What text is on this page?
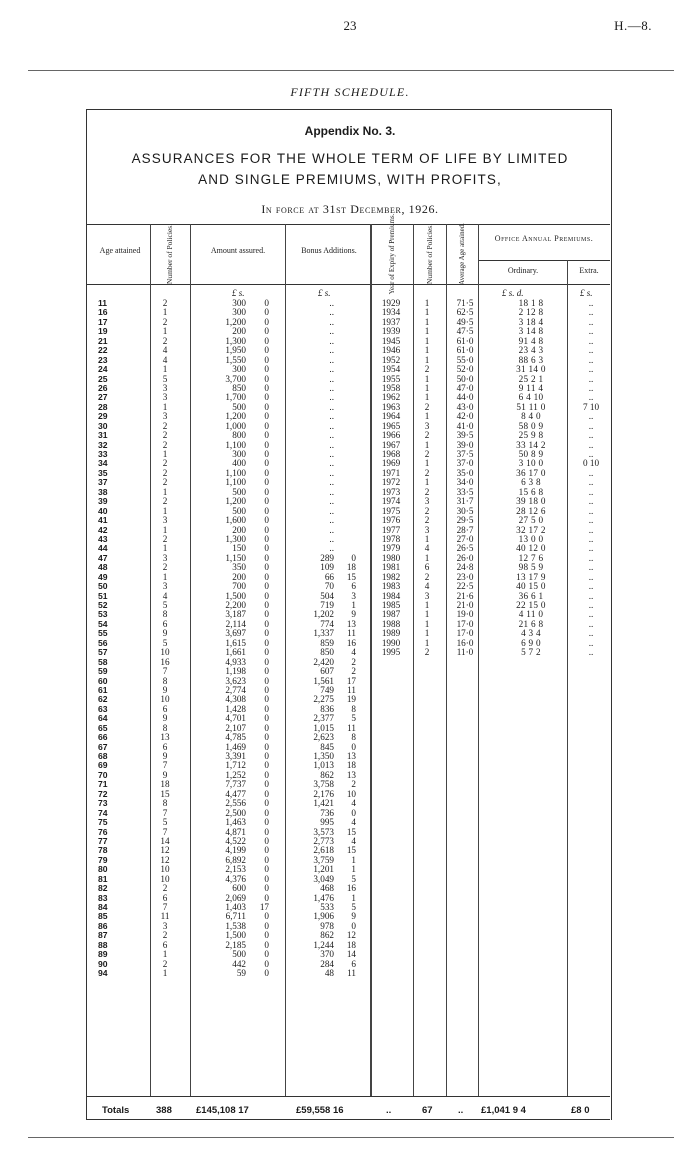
23	H.—8.
FIFTH SCHEDULE.
Appendix No. 3.
ASSURANCES FOR THE WHOLE TERM OF LIFE BY LIMITED
AND SINGLE PREMIUMS, WITH PROFITS,
In force at 31st December, 1926.
Age attained	Number of Policies.	Amount assured.	Bonus Additions.	Year of Expiry of Premiums.	Number of Policies.	Average Age attained.	Office Annual Premiums.
Ordinary.	Extra.
£ s.	£ s.	£ s. d.	£ s.
11	2	300	0	..	1929	1	71·5	18 1 8	..
16	1	300	0	..	1934	1	62·5	2 12 8	..
17	2	1,200	0	..	1937	1	49·5	3 18 4	..
19	1	200	0	..	1939	1	47·5	3 14 8	..
21	2	1,300	0	..	1945	1	61·0	91 4 8	..
22	4	1,950	0	..	1946	1	61·0	23 4 3	..
23	4	1,550	0	..	1952	1	55·0	88 6 3	..
24	1	300	0	..	1954	2	52·0	31 14 0	..
25	5	3,700	0	..	1955	1	50·0	25 2 1	..
26	3	850	0	..	1958	1	47·0	9 11 4	..
27	3	1,700	0	..	1962	1	44·0	6 4 10	..
28	1	500	0	..	1963	2	43·0	51 11 0	7 10
29	3	1,200	0	..	1964	1	42·0	8 4 0	..
30	2	1,000	0	..	1965	3	41·0	58 0 9	..
31	2	800	0	..	1966	2	39·5	25 9 8	..
32	2	1,100	0	..	1967	1	39·0	33 14 2	..
33	1	300	0	..	1968	2	37·5	50 8 9	..
34	2	400	0	..	1969	1	37·0	3 10 0	0 10
35	2	1,100	0	..	1971	2	35·0	36 17 0	..
37	2	1,100	0	..	1972	1	34·0	6 3 8	..
38	1	500	0	..	1973	2	33·5	15 6 8	..
39	2	1,200	0	..	1974	3	31·7	39 18 0	..
40	1	500	0	..	1975	2	30·5	28 12 6	..
41	3	1,600	0	..	1976	2	29·5	27 5 0	..
42	1	200	0	..	1977	3	28·7	32 17 2	..
43	2	1,300	0	..	1978	1	27·0	13 0 0	..
44	1	150	0	..	1979	4	26·5	40 12 0	..
47	3	1,150	0	289	0	1980	1	26·0	12 7 6	..
48	2	350	0	109	18	1981	6	24·8	98 5 9	..
49	1	200	0	66	15	1982	2	23·0	13 17 9	..
50	3	700	0	70	6	1983	4	22·5	40 15 0	..
51	4	1,500	0	504	3	1984	3	21·6	36 6 1	..
52	5	2,200	0	719	1	1985	1	21·0	22 15 0	..
53	8	3,187	0	1,202	9	1987	1	19·0	4 11 0	..
54	6	2,114	0	774	13	1988	1	17·0	21 6 8	..
55	9	3,697	0	1,337	11	1989	1	17·0	4 3 4	..
56	5	1,615	0	859	16	1990	1	16·0	6 9 0	..
57	10	1,661	0	850	4	1995	2	11·0	5 7 2	..
58	16	4,933	0	2,420	2
59	7	1,198	0	607	2
60	8	3,623	0	1,561	17
61	9	2,774	0	749	11
62	10	4,308	0	2,275	19
63	6	1,428	0	836	8
64	9	4,701	0	2,377	5
65	8	2,107	0	1,015	11
66	13	4,785	0	2,623	8
67	6	1,469	0	845	0
68	9	3,391	0	1,350	13
69	7	1,712	0	1,013	18
70	9	1,252	0	862	13
71	18	7,737	0	3,758	2
72	15	4,477	0	2,176	10
73	8	2,556	0	1,421	4
74	7	2,500	0	736	0
75	5	1,463	0	995	4
76	7	4,871	0	3,573	15
77	14	4,522	0	2,773	4
78	12	4,199	0	2,618	15
79	12	6,892	0	3,759	1
80	10	2,153	0	1,201	1
81	10	4,376	0	3,049	5
82	2	600	0	468	16
83	6	2,069	0	1,476	1
84	7	1,403	17	533	5
85	11	6,711	0	1,906	9
86	3	1,538	0	978	0
87	2	1,500	0	862	12
88	6	2,185	0	1,244	18
89	1	500	0	370	14
90	2	442	0	284	6
94	1	59	0	48	11
Totals	388	£145,108 17	£59,558 16	..	67	.. £1,041 9 4	£8 0
